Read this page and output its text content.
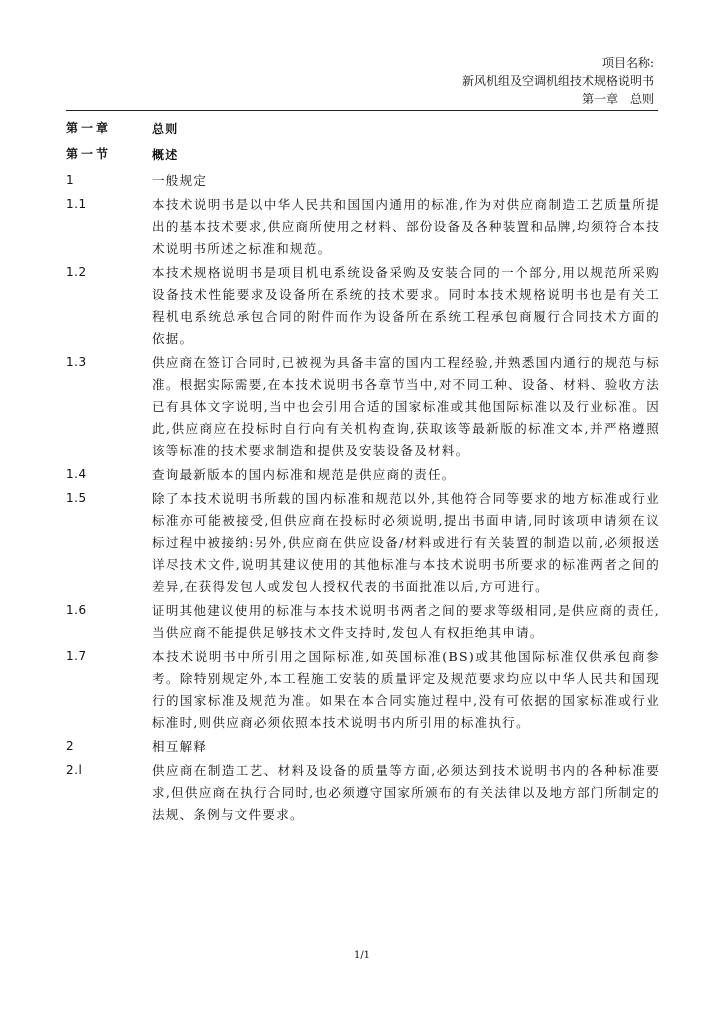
项目名称:
新风机组及空调机组技术规格说明书
第一章　总则
第一章	总则
第一节	概述
1	一般规定
1.1	本技术说明书是以中华人民共和国国内通用的标准,作为对供应商制造工艺质量所提出的基本技术要求,供应商所使用之材料、部份设备及各种装置和品牌,均须符合本技术说明书所述之标准和规范。
1.2	本技术规格说明书是项目机电系统设备采购及安装合同的一个部分,用以规范所采购设备技术性能要求及设备所在系统的技术要求。同时本技术规格说明书也是有关工程机电系统总承包合同的附件而作为设备所在系统工程承包商履行合同技术方面的依据。
1.3	供应商在签订合同时,已被视为具备丰富的国内工程经验,并熟悉国内通行的规范与标准。根据实际需要,在本技术说明书各章节当中,对不同工种、设备、材料、验收方法已有具体文字说明,当中也会引用合适的国家标准或其他国际标准以及行业标准。因此,供应商应在投标时自行向有关机构查询,获取该等最新版的标准文本,并严格遵照该等标准的技术要求制造和提供及安装设备及材料。
1.4	查询最新版本的国内标准和规范是供应商的责任。
1.5	除了本技术说明书所载的国内标准和规范以外,其他符合同等要求的地方标准或行业标准亦可能被接受,但供应商在投标时必须说明,提出书面申请,同时该项申请须在议标过程中被接纳:另外,供应商在供应设备/材料或进行有关装置的制造以前,必须报送详尽技术文件,说明其建议使用的其他标准与本技术说明书所要求的标准两者之间的差异,在获得发包人或发包人授权代表的书面批准以后,方可进行。
1.6	证明其他建议使用的标准与本技术说明书两者之间的要求等级相同,是供应商的责任,当供应商不能提供足够技术文件支持时,发包人有权拒绝其申请。
1.7	本技术说明书中所引用之国际标准,如英国标准(BS)或其他国际标准仅供承包商参考。除特别规定外,本工程施工安装的质量评定及规范要求均应以中华人民共和国现行的国家标准及规范为准。如果在本合同实施过程中,没有可依据的国家标准或行业标准时,则供应商必须依照本技术说明书内所引用的标准执行。
2	相互解释
2.l	供应商在制造工艺、材料及设备的质量等方面,必须达到技术说明书内的各种标准要求,但供应商在执行合同时,也必须遵守国家所颁布的有关法律以及地方部门所制定的法规、条例与文件要求。
1/1
